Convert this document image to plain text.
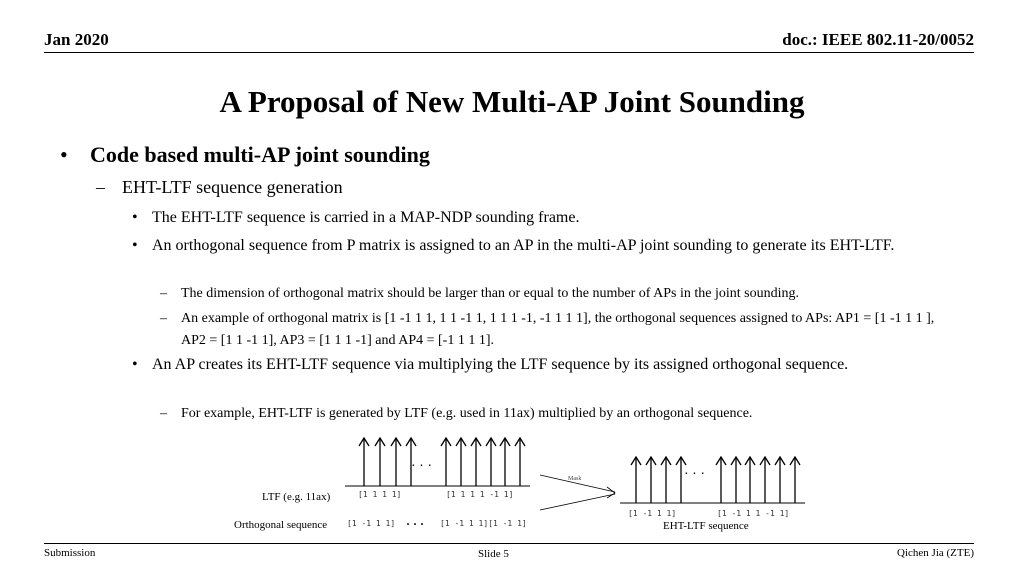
Jan 2020	doc.: IEEE 802.11-20/0052
A Proposal of New Multi-AP Joint Sounding
• Code based multi-AP joint sounding
– EHT-LTF sequence generation
• The EHT-LTF sequence is carried in a MAP-NDP sounding frame.
• An orthogonal sequence from P matrix is assigned to an AP in the multi-AP joint sounding to generate its EHT-LTF.
– The dimension of orthogonal matrix should be larger than or equal to the number of APs in the joint sounding.
– An example of orthogonal matrix is [1 -1 1 1, 1 1 -1 1, 1 1 1 -1, -1 1 1 1], the orthogonal sequences assigned to APs: AP1 = [1 -1 1 1 ], AP2 = [1 1 -1 1], AP3 = [1 1 1 -1] and AP4 = [-1 1 1 1].
• An AP creates its EHT-LTF sequence via multiplying the LTF sequence by its assigned orthogonal sequence.
– For example, EHT-LTF is generated by LTF (e.g. used in 11ax) multiplied by an orthogonal sequence.
· · ·
[1 1 1 1]	[1 1 1 1 -1 1]
Mask	· · ·
[1 -1 1 1]	[1 -1 1 1 -1 1]
[1 -1 1 1] · · · [1 -1 1 1][1 -1 1]
LTF (e.g. 11ax)
Orthogonal sequence	EHT-LTF sequence
Submission	Slide 5	Qichen Jia (ZTE)
